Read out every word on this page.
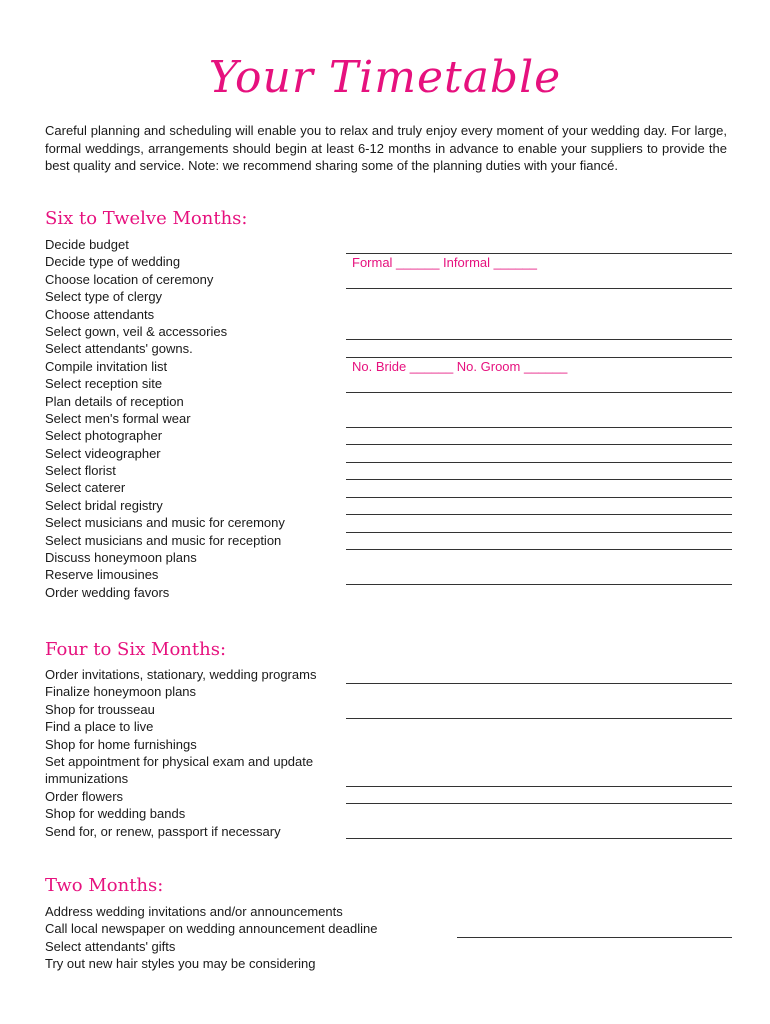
Your Timetable

Careful planning and scheduling will enable you to relax and truly enjoy every moment of your wedding day. For large, formal weddings, arrangements should begin at least 6-12 months in advance to enable your suppliers to provide the best quality and service. Note: we recommend sharing some of the planning duties with your fiancé.

Six to Twelve Months:
Decide budget
Decide type of wedding
Choose location of ceremony
Select type of clergy
Choose attendants
Select gown, veil & accessories
Select attendants' gowns.
Compile invitation list
Select reception site
Plan details of reception
Select men's formal wear
Select photographer
Select videographer
Select florist
Select caterer
Select bridal registry
Select musicians and music for ceremony
Select musicians and music for reception
Discuss honeymoon plans
Reserve limousines
Order wedding favors
Formal ______ Informal ______
No. Bride ______ No. Groom ______
Four to Six Months:
Order invitations, stationary, wedding programs
Finalize honeymoon plans
Shop for trousseau
Find a place to live
Shop for home furnishings
Set appointment for physical exam and update
immunizations
Order flowers
Shop for wedding bands
Send for, or renew, passport if necessary
Two Months:
Address wedding invitations and/or announcements
Call local newspaper on wedding announcement deadline
Select attendants' gifts
Try out new hair styles you may be considering
